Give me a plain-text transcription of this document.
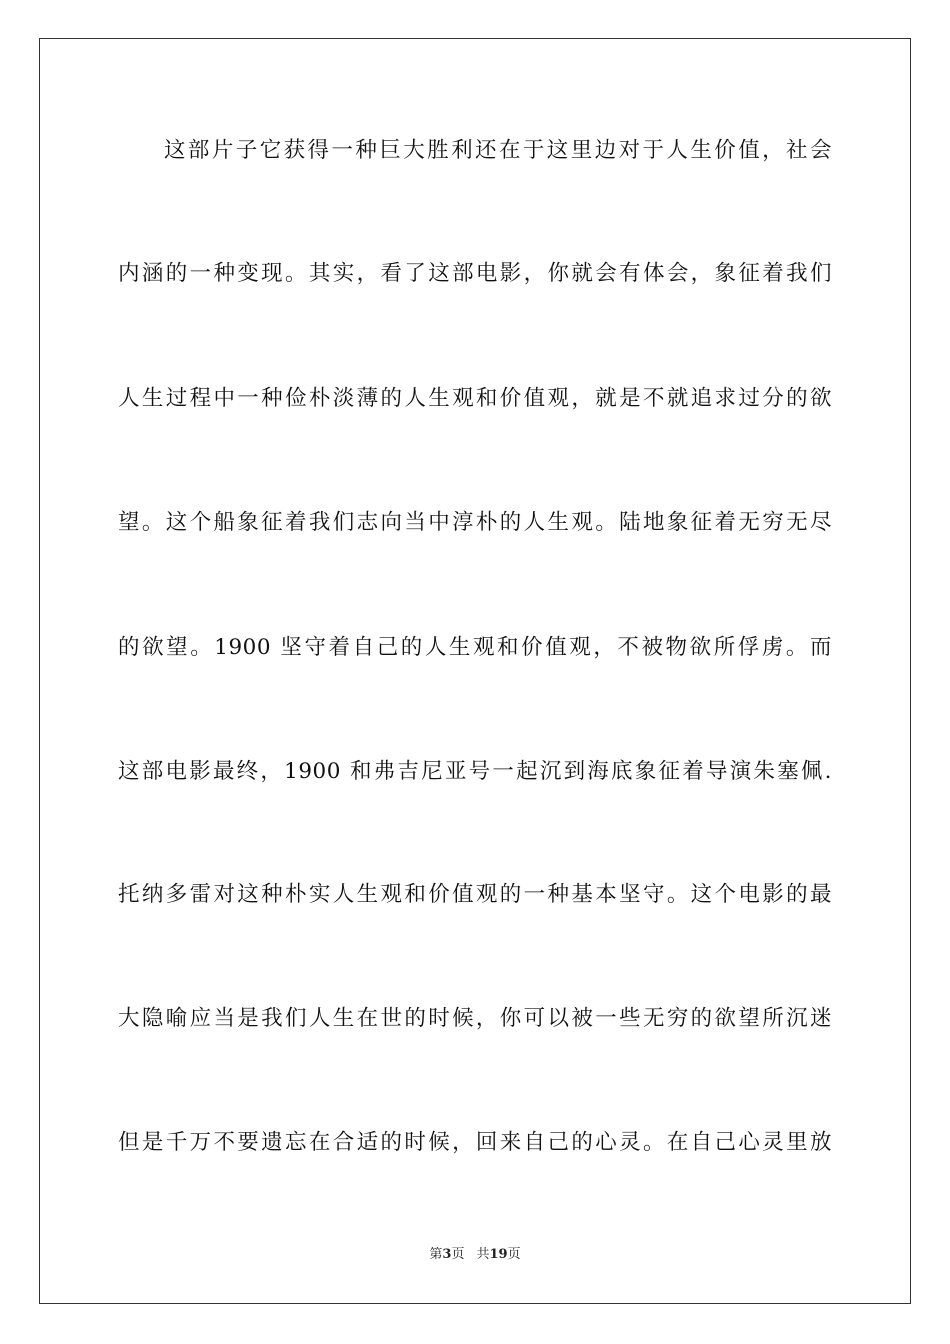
这部片子它获得一种巨大胜利还在于这里边对于人生价值，社会
内涵的一种变现。其实，看了这部电影，你就会有体会，象征着我们
人生过程中一种俭朴淡薄的人生观和价值观，就是不就追求过分的欲
望。这个船象征着我们志向当中淳朴的人生观。陆地象征着无穷无尽
的欲望。1900 坚守着自己的人生观和价值观，不被物欲所俘虏。而
这部电影最终，1900 和弗吉尼亚号一起沉到海底象征着导演朱塞佩.
托纳多雷对这种朴实人生观和价值观的一种基本坚守。这个电影的最
大隐喻应当是我们人生在世的时候，你可以被一些无穷的欲望所沉迷
但是千万不要遗忘在合适的时候，回来自己的心灵。在自己心灵里放
第3页 共19页
